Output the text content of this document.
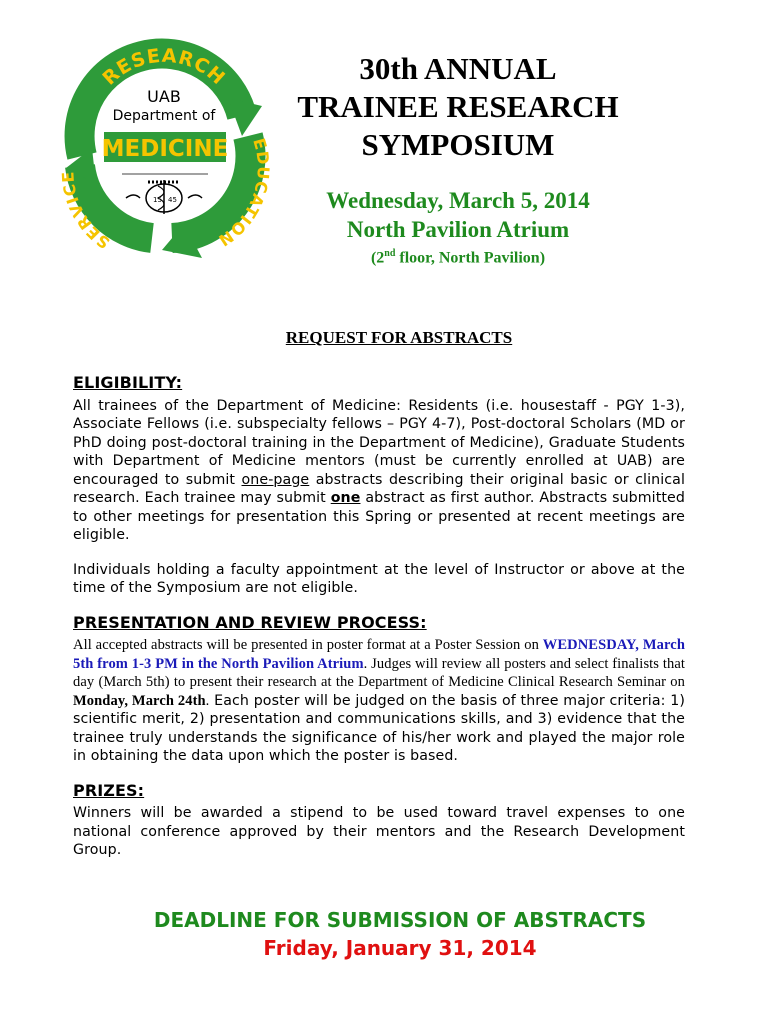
RESEARCH
EDUCATION
SERVICE
UAB
Department of
MEDICINE
15 45
30th ANNUAL
TRAINEE RESEARCH
SYMPOSIUM
Wednesday, March 5, 2014
North Pavilion Atrium
(2nd floor, North Pavilion)
REQUEST FOR ABSTRACTS
ELIGIBILITY:

All trainees of the Department of Medicine: Residents (i.e. housestaff - PGY 1-3), Associate Fellows (i.e. subspecialty fellows – PGY 4-7), Post-doctoral Scholars (MD or PhD doing post-doctoral training in the Department of Medicine), Graduate Students with Department of Medicine mentors (must be currently enrolled at UAB) are encouraged to submit one-page abstracts describing their original basic or clinical research. Each trainee may submit one abstract as first author. Abstracts submitted to other meetings for presentation this Spring or presented at recent meetings are eligible.

Individuals holding a faculty appointment at the level of Instructor or above at the time of the Symposium are not eligible.

PRESENTATION AND REVIEW PROCESS:

All accepted abstracts will be presented in poster format at a Poster Session on WEDNESDAY, March 5th from 1-3 PM in the North Pavilion Atrium. Judges will review all posters and select finalists that day (March 5th) to present their research at the Department of Medicine Clinical Research Seminar on Monday, March 24th. Each poster will be judged on the basis of three major criteria: 1) scientific merit, 2) presentation and communications skills, and 3) evidence that the trainee truly understands the significance of his/her work and played the major role in obtaining the data upon which the poster is based.

PRIZES:

Winners will be awarded a stipend to be used toward travel expenses to one national conference approved by their mentors and the Research Development Group.

DEADLINE FOR SUBMISSION OF ABSTRACTS
Friday, January 31, 2014
